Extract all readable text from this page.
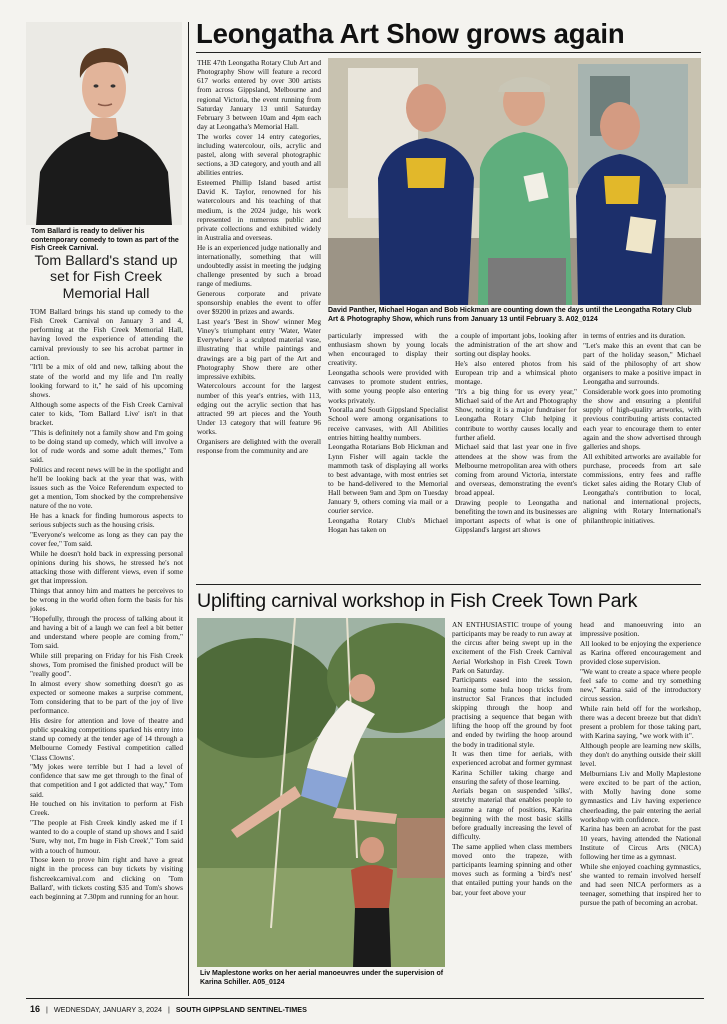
Tom Ballard is ready to deliver his contemporary comedy to town as part of the Fish Creek Carnival.
Tom Ballard's stand up set for Fish Creek Memorial Hall

TOM Ballard brings his stand up comedy to the Fish Creek Carnival on January 3 and 4, performing at the Fish Creek Memorial Hall, having loved the experience of attending the carnival previously to see his acrobat partner in action.

"It'll be a mix of old and new, talking about the state of the world and my life and I'm really looking forward to it," he said of his upcoming shows.

Although some aspects of the Fish Creek Carnival cater to kids, 'Tom Ballard Live' isn't in that bracket.

"This is definitely not a family show and I'm going to be doing stand up comedy, which will involve a lot of rude words and some adult themes," Tom said.

Politics and recent news will be in the spotlight and he'll be looking back at the year that was, with issues such as the Voice Referendum expected to get a mention, Tom shocked by the comprehensive nature of the no vote.

He has a knack for finding humorous aspects to serious subjects such as the housing crisis.

"Everyone's welcome as long as they can pay the cover fee," Tom said.

While he doesn't hold back in expressing personal opinions during his shows, he stressed he's not attacking those with different views, even if some get that impression.

Things that annoy him and matters he perceives to be wrong in the world often form the basis for his jokes.

"Hopefully, through the process of talking about it and having a bit of a laugh we can feel a bit better and understand where people are coming from," Tom said.

While still preparing on Friday for his Fish Creek shows, Tom promised the finished product will be "really good".

In almost every show something doesn't go as expected or someone makes a surprise comment, Tom considering that to be part of the joy of live performance.

His desire for attention and love of theatre and public speaking competitions sparked his entry into stand up comedy at the tender age of 14 through a Melbourne Comedy Festival competition called 'Class Clowns'.

"My jokes were terrible but I had a level of confidence that saw me get through to the final of that competition and I got addicted that way," Tom said.

He touched on his invitation to perform at Fish Creek.

"The people at Fish Creek kindly asked me if I wanted to do a couple of stand up shows and I said 'Sure, why not, I'm huge in Fish Creek'," Tom said with a touch of humour.

Those keen to prove him right and have a great night in the process can buy tickets by visiting fishcreekcarnival.com and clicking on 'Tom Ballard', with tickets costing $35 and Tom's shows each beginning at 7.30pm and running for an hour.

Leongatha Art Show grows again

THE 47th Leongatha Rotary Club Art and Photography Show will feature a record 617 works entered by over 300 artists from across Gippsland, Melbourne and regional Victoria, the event running from Saturday January 13 until Saturday February 3 between 10am and 4pm each day at Leongatha's Memorial Hall.

The works cover 14 entry categories, including watercolour, oils, acrylic and pastel, along with several photographic sections, a 3D category, and youth and all abilities entries.

Esteemed Phillip Island based artist David K. Taylor, renowned for his watercolours and his teaching of that medium, is the 2024 judge, his work represented in numerous public and private collections and exhibited widely in Australia and overseas.

He is an experienced judge nationally and internationally, something that will undoubtedly assist in meeting the judging challenge presented by such a broad range of mediums.

Generous corporate and private sponsorship enables the event to offer over $9200 in prizes and awards.

Last year's 'Best in Show' winner Meg Viney's triumphant entry 'Water, Water Everywhere' is a sculpted material vase, illustrating that while paintings and drawings are a big part of the Art and Photography Show there are other impressive exhibits.

Watercolours account for the largest number of this year's entries, with 113, edging out the acrylic section that has attracted 99 art pieces and the Youth Under 13 category that will feature 96 works.

Organisers are delighted with the overall response from the community and are

David Panther, Michael Hogan and Bob Hickman are counting down the days until the Leongatha Rotary Club Art & Photography Show, which runs from January 13 until February 3. A02_0124

particularly impressed with the enthusiasm shown by young locals when encouraged to display their creativity.

Leongatha schools were provided with canvases to promote student entries, with some young people also entering works privately.

Yooralla and South Gippsland Specialist School were among organisations to receive canvases, with All Abilities entries hitting healthy numbers.

Leongatha Rotarians Bob Hickman and Lynn Fisher will again tackle the mammoth task of displaying all works to best advantage, with most entries set to be hand-delivered to the Memorial Hall between 9am and 3pm on Tuesday January 9, others coming via mail or a courier service.

Leongatha Rotary Club's Michael Hogan has taken on

a couple of important jobs, looking after the administration of the art show and sorting out display hooks.

He's also entered photos from his European trip and a whimsical photo montage.

"It's a big thing for us every year," Michael said of the Art and Photography Show, noting it is a major fundraiser for Leongatha Rotary Club helping it contribute to worthy causes locally and further afield.

Michael said that last year one in five attendees at the show was from the Melbourne metropolitan area with others coming from around Victoria, interstate and overseas, demonstrating the event's broad appeal.

Drawing people to Leongatha and benefiting the town and its businesses are important aspects of what is one of Gippsland's largest art shows

in terms of entries and its duration.

"Let's make this an event that can be part of the holiday season," Michael said of the philosophy of art show organisers to make a positive impact in Leongatha and surrounds.

Considerable work goes into promoting the show and ensuring a plentiful supply of high-quality artworks, with previous contributing artists contacted each year to encourage them to enter again and the show advertised through galleries and shops.

All exhibited artworks are available for purchase, proceeds from art sale commissions, entry fees and raffle ticket sales aiding the Rotary Club of Leongatha's contribution to local, national and international projects, aligning with Rotary International's philanthropic initiatives.

Uplifting carnival workshop in Fish Creek Town Park
Liv Maplestone works on her aerial manoeuvres under the supervision of Karina Schiller. A05_0124

AN ENTHUSIASTIC troupe of young participants may be ready to run away at the circus after being swept up in the excitement of the Fish Creek Carnival Aerial Workshop in Fish Creek Town Park on Saturday.

Participants eased into the session, learning some hula hoop tricks from instructor Sal Frances that included skipping through the hoop and practising a sequence that began with lifting the hoop off the ground by foot and ended by twirling the hoop around the body in traditional style.

It was then time for aerials, with experienced acrobat and former gymnast Karina Schiller taking charge and ensuring the safety of those learning.

Aerials began on suspended 'silks', stretchy material that enables people to assume a range of positions, Karina beginning with the most basic skills before gradually increasing the level of difficulty.

The same applied when class members moved onto the trapeze, with participants learning spinning and other moves such as forming a 'bird's nest' that entailed putting your hands on the bar, your feet above your

head and manoeuvring into an impressive position.

All looked to be enjoying the experience as Karina offered encouragement and provided close supervision.

"We want to create a space where people feel safe to come and try something new," Karina said of the introductory circus session.

While rain held off for the workshop, there was a decent breeze but that didn't present a problem for those taking part, with Karina saying, "we work with it".

Although people are learning new skills, they don't do anything outside their skill level.

Melburnians Liv and Molly Maplestone were excited to be part of the action, with Molly having done some gymnastics and Liv having experience cheerleading, the pair entering the aerial workshop with confidence.

Karina has been an acrobat for the past 10 years, having attended the National Institute of Circus Arts (NICA) following her time as a gymnast.

While she enjoyed coaching gymnastics, she wanted to remain involved herself and had seen NICA performers as a teenager, something that inspired her to pursue the path of becoming an acrobat.

16 | WEDNESDAY, JANUARY 3, 2024 | SOUTH GIPPSLAND SENTINEL-TIMES
